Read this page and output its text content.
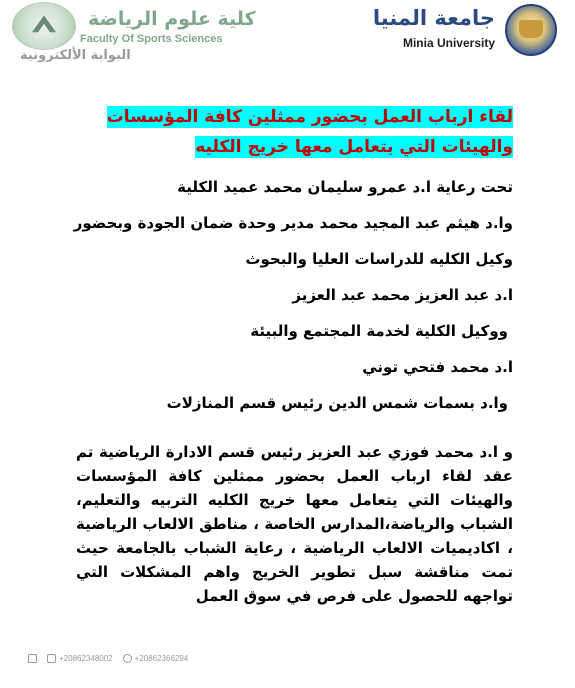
جامعة المنيا
Minia University
كلية علوم الرياضة
Faculty Of Sports Sciences
البوابة الألكترونية
لقاء ارباب العمل بحضور ممثلين كافة المؤسسات والهيئات التي يتعامل معها خريج الكليه
تحت رعاية ا.د عمرو سليمان محمد عميد الكلية
وا.د هيثم عبد المجيد محمد مدير وحدة ضمان الجودة وبحضور
وكيل الكليه للدراسات العليا والبحوث
ا.د عبد العزيز محمد عبد العزيز
ووكيل الكلية لخدمة المجتمع والبيئة
ا.د محمد فتحي توني
وا.د بسمات شمس الدين رئيس قسم المنازلات
و ا.د محمد فوزي عبد العزيز رئيس قسم الادارة الرياضية تم عقد لقاء ارباب العمل بحضور ممثلين كافة المؤسسات والهيئات التي يتعامل معها خريج الكليه التربيه والتعليم، الشباب والرياضة،المدارس الخاصة ، مناطق الالعاب الرياضية ، اكاديميات الالعاب الرياضية ، رعاية الشباب بالجامعة حيث تمت مناقشة سبل تطوير الخريج واهم المشكلات التي تواجهه للحصول على فرص في سوق العمل
+20862348002	+20862366294
